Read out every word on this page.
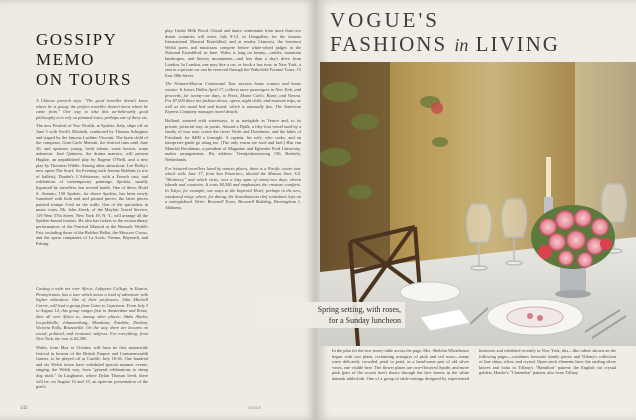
GOSSIPY
MEMO
ON TOURS

A Chinese proverb says: "The good traveller doesn't know where he is going; the perfect traveller doesn't know where he came from." One way to take this un-believably good philosophy is to rely on planned tours, perhaps one of these six.

The new Festival of Two Worlds, at Spoleto, Italy, ships off on June 5 with Verdi's Macbeth, conducted by Thomas Schippers and staged by the famous Luchino Visconti. The brain child of the composer, Gian-Carlo Menotti, the festival runs until June 26; and sponsors young, fresh talents, some known, some unknown. José Quintero, the drama maestro, will present Hughie, an unpublished play by Eugene O'Neill, and a new play by Thornton Wilder. Among other attractions: Lee Hoiby's new opera The Scarf; An Evening with Jerome Robbins (a trio of ballets); Daudet's L'Arlésienne, with a French cast; and exhibitions of contemporary paintings. Spoleto, usually bypassed by travellers, has several hotels. One of these, Hotel S. Antonio, 150 Spoleto, for above Spoleto, has been newly furnished with both real and printed pieces, the latter pieces painted trompe l'oeil on the walls. One of the specialists in music tours, Mr. John Zeeck, of the Mayfair Travel Service, 119 West 57th Street, New York 19, N. Y., will arrange all the Spoleto-bound tourists. He also has tickets to the extraordinary performances of the Festival Musical at the Brussels World's Fair, including those of the Bolshoi Ballet, the Moscow Circus, and the opera companies of La Scala, Vienna, Bayreuth, and Peking.

Casting a wide net over Africa, Lafayette College, in Easton, Pennsylvania, has a tour which mixes a load of adventure with higher education. One of their professors, John Mitchell Currie, will lead a group from Cairo to Capetown. From July 3 to August 14, this group ranges first in Amsterdam and Rome, then all over Africa to, among other places: Addis Ababa, Leopoldville, Johannesburg, Mombasa, Entebbe, Durban, Victoria Falls, Brazzaville. On the way, there are lectures on social, political, and economic subjects. For everything; from New York, the tour is $2,385.

Wales, from May to October, will have its first nationwide festival in honour of the British Empire and Commonwealth Games, to be played off at Cardiff, July 18-26. One hundred and six Welsh towns have scheduled special summer events: singing, the Welsh way, from "general celebrations to sheep dog trials." In Laugharne, where Dylan Thomas lived, there will be, on August 14 and 15, an open-air presentation of the poet's

play, Under Milk Wood. Choral and dance contestants from more than two dozen countries will meet, July 8-13, in Llangollen, for the famous International Musical Eisteddfod; and at nearby Llanrwst, the foremost Welsh poets and musicians compete before white-robed judges at the National Eisteddfod, in June. Wales is long on beauty—castles, mountain landscapes, and literary monuments—and less than a day's drive from London. In London, one may hire a car, or book a bus tour; in New York, a seat in a private car can be reserved through the Wakefield Fortune Tours, 15 East 58th Street.

The Neiman-Marcus Continental Tour stresses haute couture and haute cuisine. It leaves Dallas April 17, collects more passengers in New York, and proceeds, for twenty-one days, to Paris, Monte Carlo, Rome, and Vienna. For $7,000 there are fashion shows, opera, night clubs, and museum trips, as well as the usual bed and board, which is unusually fine. The American Express Company manages travel details.

Holland, amazed with waterways, is as navigable as Venice and, to its private, pictorial way, as poetic. Aboard a Djalk, a fifty-foot vessel used by a family of four may cruise the rivers Vecht and IJsselmeer, and the lakes of Friesland, for $400 a fortnight. A captain, his wife, who cooks, and an interpreter-guide go along too. (The only extras are food and fuel.) Has van Munckh Brookman, a president of Magazine and Eglantier Ford University, makes arrangements. His address: Teentjeshuizenweg 136, Boekelo, Netherlands.

For leisured travellers lured by remote places, there is a Pacific cruise tour which sails June 17, from San Francisco, aboard the Matson liner, S.S. "Monterey," and which visits, over a lazy span of ninety-two days, eleven islands and countries. It costs $4,546 and emphasizes the creature comforts. In Tokyo, for example, one stays at the Imperial Hotel, perhaps in the new, windproof wing; where, for dining, the Scandinavian chef sometimes lays on a smörgåsbord. Write: Brownell Tours, Brownell Building, Birmingham 1, Alabama.

132	VOGUE
VOGUE'S
FASHIONS in LIVING
Spring setting, with roses,
for a Sunday luncheon

In the plan for the two-storey table across the page, Mrs. Sheldon Whitehouse began with two plans, reclaiming nosegays of pink and red roses—many roses delicately crowded, petal to petal, in a hand-some pair of old silver vases, one visible here. The flower plates are rose-flowered Spode, and more pink (part of the accent here) shows through the lace inserts in the white damask tablecloth. One of a group of table-settings designed by experienced hostesses and exhibited recently in New York, this—like others shown on the following pages—combines favourite family pieces and Tiffany's collection of fine china, silver, and crystal. Open-stock elements here: the sterling silver knives and forks in Tiffany's "Hamilton" pattern; the English cut crystal goblets, Hawke's "Clarendon" pattern, also from Tiffany.
